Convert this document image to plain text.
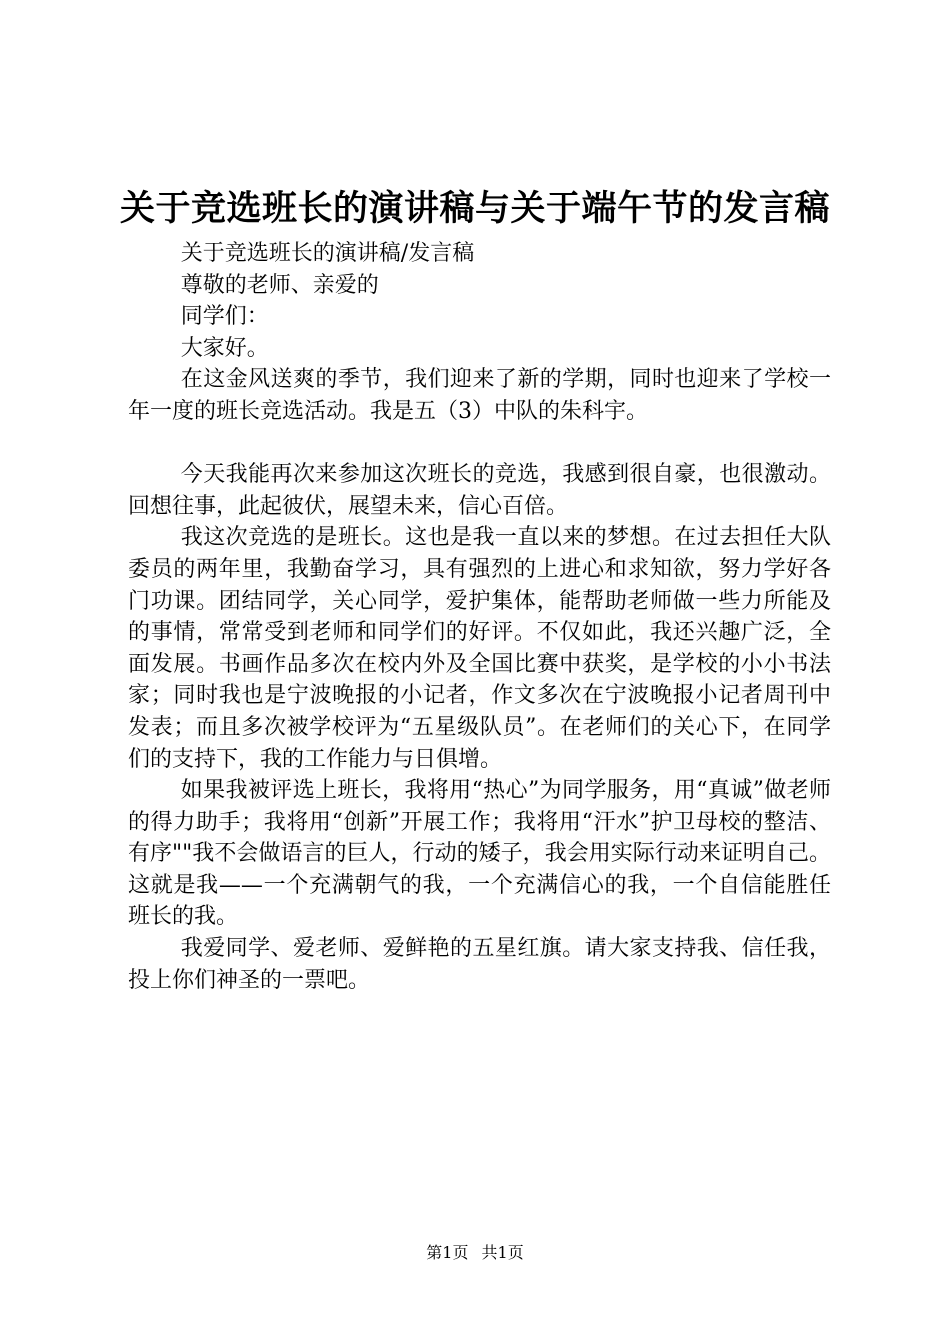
关于竞选班长的演讲稿与关于端午节的发言稿

关于竞选班长的演讲稿/发言稿

尊敬的老师、亲爱的

同学们：

大家好。

在这金风送爽的季节，我们迎来了新的学期，同时也迎来了学校一年一度的班长竞选活动。我是五（3）中队的朱科宇。

今天我能再次来参加这次班长的竞选，我感到很自豪，也很激动。回想往事，此起彼伏，展望未来，信心百倍。

我这次竞选的是班长。这也是我一直以来的梦想。在过去担任大队委员的两年里，我勤奋学习，具有强烈的上进心和求知欲，努力学好各门功课。团结同学，关心同学，爱护集体，能帮助老师做一些力所能及的事情，常常受到老师和同学们的好评。不仅如此，我还兴趣广泛，全面发展。书画作品多次在校内外及全国比赛中获奖，是学校的小小书法家；同时我也是宁波晚报的小记者，作文多次在宁波晚报小记者周刊中发表；而且多次被学校评为“五星级队员”。在老师们的关心下，在同学们的支持下，我的工作能力与日俱增。

如果我被评选上班长，我将用“热心”为同学服务，用“真诚”做老师的得力助手；我将用“创新”开展工作；我将用“汗水”护卫母校的整洁、有序""我不会做语言的巨人，行动的矮子，我会用实际行动来证明自己。这就是我——一个充满朝气的我，一个充满信心的我，一个自信能胜任班长的我。

我爱同学、爱老师、爱鲜艳的五星红旗。请大家支持我、信任我，投上你们神圣的一票吧。

第1页 共1页
